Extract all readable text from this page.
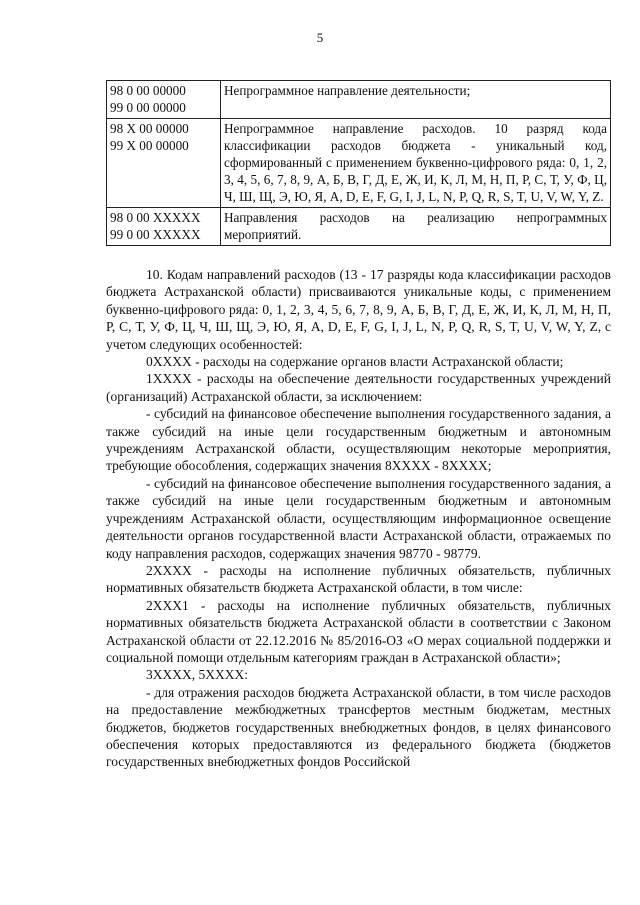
5
98 0 00 00000
99 0 00 00000	Непрограммное направление деятельности;

98 Х 00 00000
99 Х 00 00000	Непрограммное направление расходов. 10 разряд кода классификации расходов бюджета - уникальный код, сформированный с применением буквенно-цифрового ряда: 0, 1, 2, 3, 4, 5, 6, 7, 8, 9, А, Б, В, Г, Д, Е, Ж, И, К, Л, М, Н, П, Р, С, Т, У, Ф, Ц, Ч, Ш, Щ, Э, Ю, Я, A, D, E, F, G, I, J, L, N, P, Q, R, S, T, U, V, W, Y, Z.

98 0 00 ХХХХХ
99 0 00 ХХХХХ	Направления расходов на реализацию непрограммных мероприятий.

10. Кодам направлений расходов (13 - 17 разряды кода классификации расходов бюджета Астраханской области) присваиваются уникальные коды, с применением буквенно-цифрового ряда: 0, 1, 2, 3, 4, 5, 6, 7, 8, 9, А, Б, В, Г, Д, Е, Ж, И, К, Л, М, Н, П, Р, С, Т, У, Ф, Ц, Ч, Ш, Щ, Э, Ю, Я, A, D, E, F, G, I, J, L, N, P, Q, R, S, T, U, V, W, Y, Z, с учетом следующих особенностей:

0ХХХХ - расходы на содержание органов власти Астраханской области;

1ХХХХ - расходы на обеспечение деятельности государственных учреждений (организаций) Астраханской области, за исключением:

- субсидий на финансовое обеспечение выполнения государственного задания, а также субсидий на иные цели государственным бюджетным и автономным учреждениям Астраханской области, осуществляющим некоторые мероприятия, требующие обособления, содержащих значения 8ХХХХ - 8ХХХХ;

- субсидий на финансовое обеспечение выполнения государственного задания, а также субсидий на иные цели государственным бюджетным и автономным учреждениям Астраханской области, осуществляющим информационное освещение деятельности органов государственной власти Астраханской области, отражаемых по коду направления расходов, содержащих значения 98770 - 98779.

2ХХХХ - расходы на исполнение публичных обязательств, публичных нормативных обязательств бюджета Астраханской области, в том числе:

2ХХХ1 - расходы на исполнение публичных обязательств, публичных нормативных обязательств бюджета Астраханской области в соответствии с Законом Астраханской области от 22.12.2016 № 85/2016-ОЗ «О мерах социальной поддержки и социальной помощи отдельным категориям граждан в Астраханской области»;

3ХХХХ, 5ХХХХ:

- для отражения расходов бюджета Астраханской области, в том числе расходов на предоставление межбюджетных трансфертов местным бюджетам, местных бюджетов, бюджетов государственных внебюджетных фондов, в целях финансового обеспечения которых предоставляются из федерального бюджета (бюджетов государственных внебюджетных фондов Российской
